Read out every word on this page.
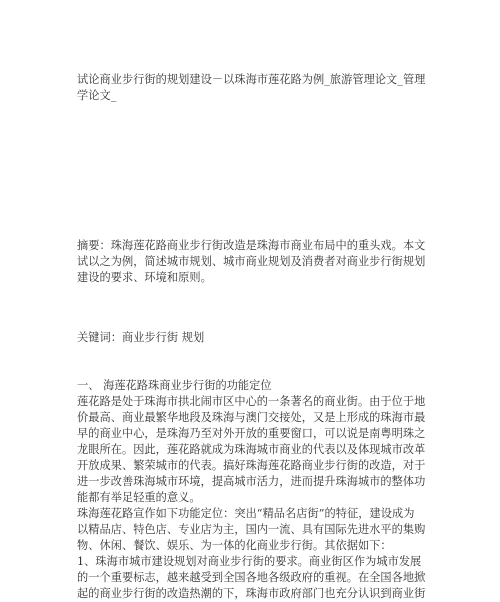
试论商业步行街的规划建设－以珠海市莲花路为例_旅游管理论文_管理
学论文_
摘要：珠海莲花路商业步行街改造是珠海市商业布局中的重头戏。本文
试以之为例，简述城市规划、城市商业规划及消费者对商业步行街规划
建设的要求、环境和原则。
关键词：商业步行街 规划
一、 海莲花路珠商业步行街的功能定位
莲花路是处于珠海市拱北闹市区中心的一条著名的商业街。由于位于地
价最高、商业最繁华地段及珠海与澳门交接处，又是上形成的珠海市最
早的商业中心，是珠海乃至对外开放的重要窗口，可以说是南粤明珠之
龙眼所在。因此，莲花路就成为珠海城市商业的代表以及体现城市改革
开放成果、繁荣城市的代表。搞好珠海莲花路商业步行街的改造，对于
进一步改善珠海城市环境，提高城市活力，进而提升珠海城市的整体功
能都有举足轻重的意义。
珠海莲花路宣作如下功能定位：突出“精品名店街”的特征，建设成为
以精品店、特色店、专业店为主，国内一流、具有国际先进水平的集购
物、休闲、餐饮、娱乐、为一体的化商业步行街。其依据如下：
1、珠海市城市建设规划对商业步行街的要求。商业街区作为城市发展
的一个重要标志，越来越受到全国各地各级政府的重视。在全国各地掀
起的商业步行街的改造热潮的下，珠海市政府部门也充分认识到商业街
